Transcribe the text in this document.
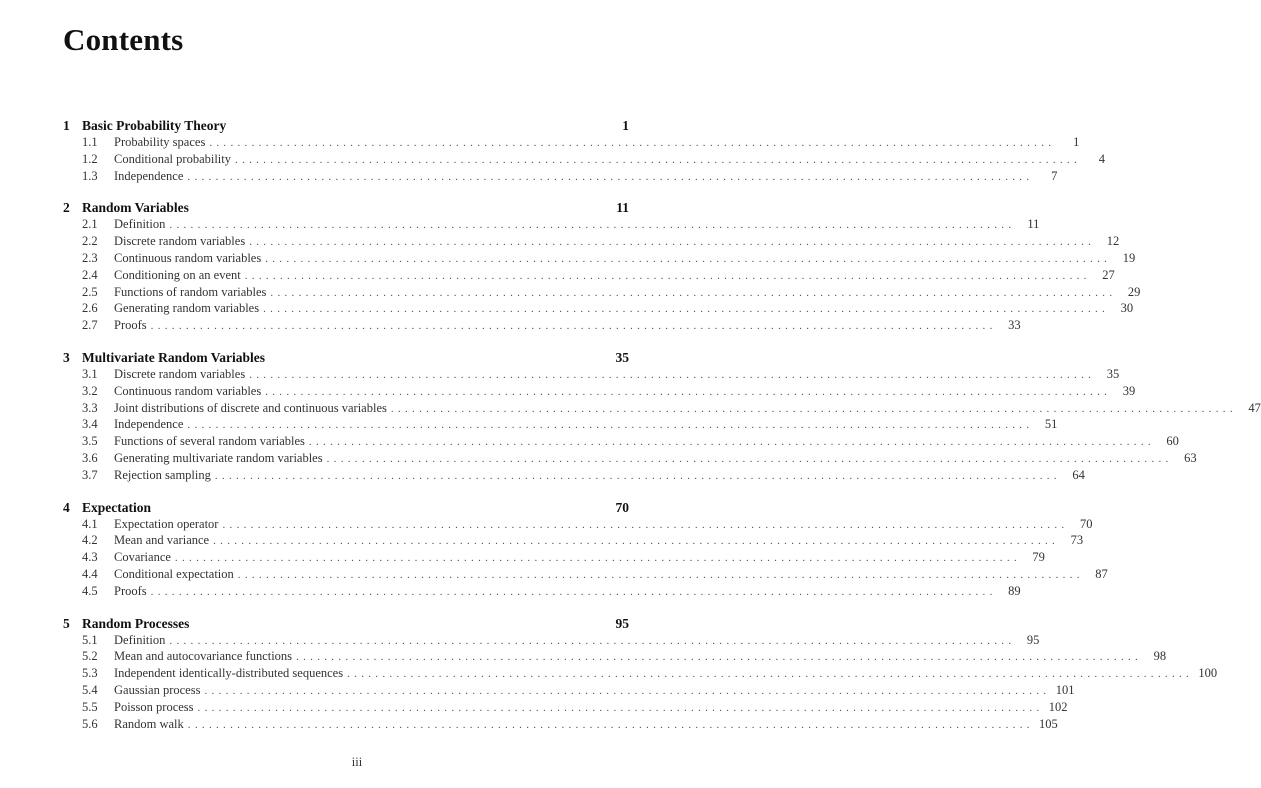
Contents
1 Basic Probability Theory	1
1.1	Probability spaces ........................................................................................................................	1
1.2	Conditional probability ........................................................................................................................	4
1.3	Independence ........................................................................................................................	7
2 Random Variables	11
2.1	Definition ........................................................................................................................ 11
2.2	Discrete random variables ........................................................................................................................ 12
2.3	Continuous random variables ........................................................................................................................ 19
2.4	Conditioning on an event ........................................................................................................................ 27
2.5	Functions of random variables ........................................................................................................................ 29
2.6	Generating random variables ........................................................................................................................ 30
2.7	Proofs ........................................................................................................................ 33
3 Multivariate Random Variables	35
3.1	Discrete random variables ........................................................................................................................ 35
3.2	Continuous random variables ........................................................................................................................ 39
3.3	Joint distributions of discrete and continuous variables ........................................................................................................................ 47
3.4	Independence ........................................................................................................................ 51
3.5	Functions of several random variables ........................................................................................................................ 60
3.6	Generating multivariate random variables ........................................................................................................................ 63
3.7	Rejection sampling ........................................................................................................................ 64
4 Expectation	70
4.1	Expectation operator ........................................................................................................................ 70
4.2	Mean and variance ........................................................................................................................ 73
4.3	Covariance ........................................................................................................................ 79
4.4	Conditional expectation ........................................................................................................................ 87
4.5	Proofs ........................................................................................................................ 89
5 Random Processes	95
5.1	Definition ........................................................................................................................ 95
5.2	Mean and autocovariance functions ........................................................................................................................ 98
5.3	Independent identically-distributed sequences ........................................................................................................................ 100
5.4	Gaussian process ........................................................................................................................ 101
5.5	Poisson process ........................................................................................................................ 102
5.6	Random walk ........................................................................................................................ 105
iii
